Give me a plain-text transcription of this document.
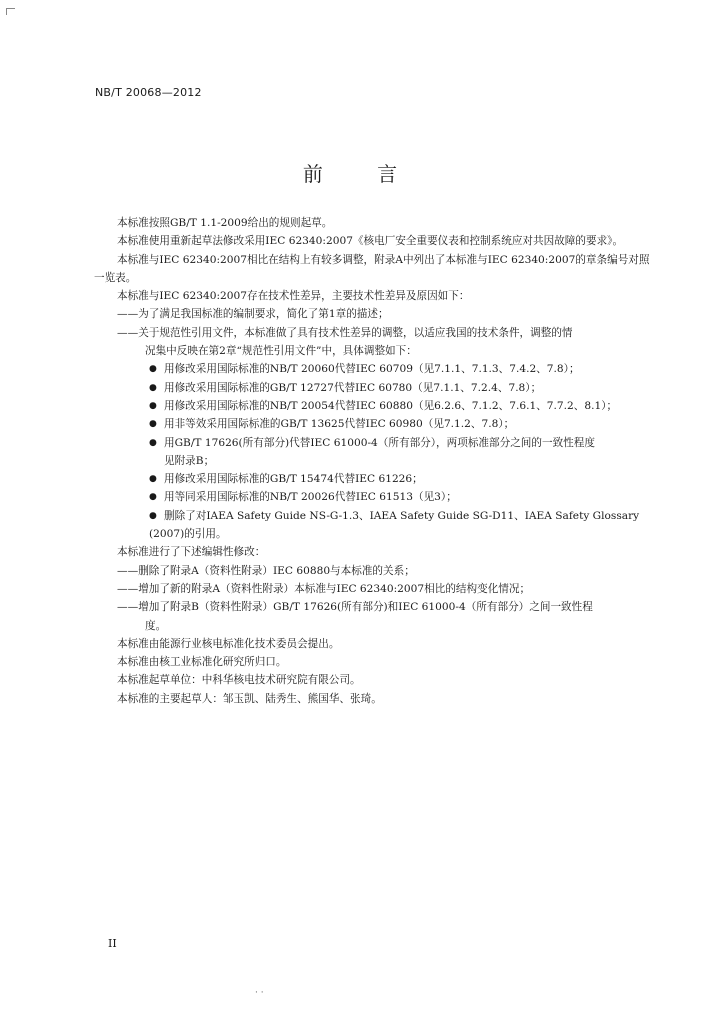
NB/T 20068—2012
前 言

本标准按照GB/T 1.1-2009给出的规则起草。

本标准使用重新起草法修改采用IEC 62340:2007《核电厂安全重要仪表和控制系统应对共因故障的要求》。

本标准与IEC 62340:2007相比在结构上有较多调整，附录A中列出了本标准与IEC 62340:2007的章条编号对照一览表。

本标准与IEC 62340:2007存在技术性差异，主要技术性差异及原因如下：

——为了满足我国标准的编制要求，简化了第1章的描述；

——关于规范性引用文件，本标准做了具有技术性差异的调整，以适应我国的技术条件，调整的情

况集中反映在第2章“规范性引用文件”中，具体调整如下：

● 用修改采用国际标准的NB/T 20060代替IEC 60709（见7.1.1、7.1.3、7.4.2、7.8）；
● 用修改采用国际标准的GB/T 12727代替IEC 60780（见7.1.1、7.2.4、7.8）；
● 用修改采用国际标准的NB/T 20054代替IEC 60880（见6.2.6、7.1.2、7.6.1、7.7.2、8.1）；
● 用非等效采用国际标准的GB/T 13625代替IEC 60980（见7.1.2、7.8）；
● 用GB/T 17626(所有部分)代替IEC 61000-4（所有部分），两项标准部分之间的一致性程度

见附录B；

● 用修改采用国际标准的GB/T 15474代替IEC 61226；
● 用等同采用国际标准的NB/T 20026代替IEC 61513（见3）；
● 删除了对IAEA Safety Guide NS-G-1.3、IAEA Safety Guide SG-D11、IAEA Safety Glossary

(2007)的引用。

本标准进行了下述编辑性修改：

——删除了附录A（资料性附录）IEC 60880与本标准的关系；

——增加了新的附录A（资料性附录）本标准与IEC 62340:2007相比的结构变化情况；

——增加了附录B（资料性附录）GB/T 17626(所有部分)和IEC 61000-4（所有部分）之间一致性程

度。

本标准由能源行业核电标准化技术委员会提出。

本标准由核工业标准化研究所归口。

本标准起草单位：中科华核电技术研究院有限公司。

本标准的主要起草人：邹玉凯、陆秀生、熊国华、张琦。

II
· ·
